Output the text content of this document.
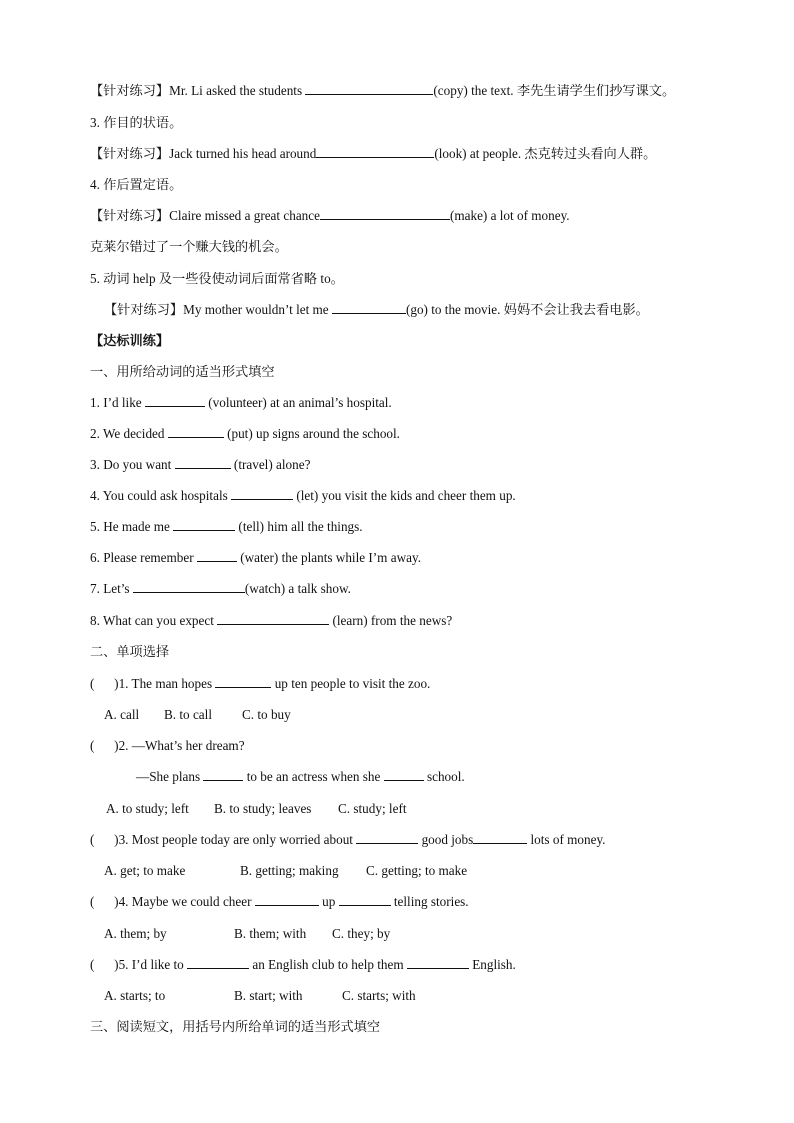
【针对练习】Mr. Li asked the students	(copy) the text. 李先生请学生们抄写课文。
3. 作目的状语。
【针对练习】Jack turned his head around	(look) at people. 杰克转过头看向人群。
4. 作后置定语。
【针对练习】Claire missed a great chance	(make) a lot of money.
克莱尔错过了一个赚大钱的机会。
5. 动词 help 及一些役使动词后面常省略 to。
【针对练习】My mother wouldn’t let me	(go) to the movie. 妈妈不会让我去看电影。
【达标训练】
一、用所给动词的适当形式填空
1. I’d like	(volunteer) at an animal’s hospital.
2. We decided	(put) up signs around the school.
3. Do you want	(travel) alone?
4. You could ask hospitals	(let) you visit the kids and cheer them up.
5. He made me	(tell) him all the things.
6. Please remember	(water) the plants while I’m away.
7. Let’s	(watch) a talk show.
8. What can you expect	(learn) from the news?
二、单项选择
(      )1. The man hopes	up ten people to visit the zoo.
A. call B. to call C. to buy
(      )2. —What’s her dream?
—She plans	to be an actress when she	school.
A. to study; left B. to study; leaves C. study; left
(      )3. Most people today are only worried about	good jobs	lots of money.
A. get; to make	B. getting; making C. getting; to make
(      )4. Maybe we could cheer	up	telling stories.
A. them; by	B. them; with C. they; by
(      )5. I’d like to	an English club to help them	English.
A. starts; to	B. start; with	C. starts; with
三、阅读短文，用括号内所给单词的适当形式填空
